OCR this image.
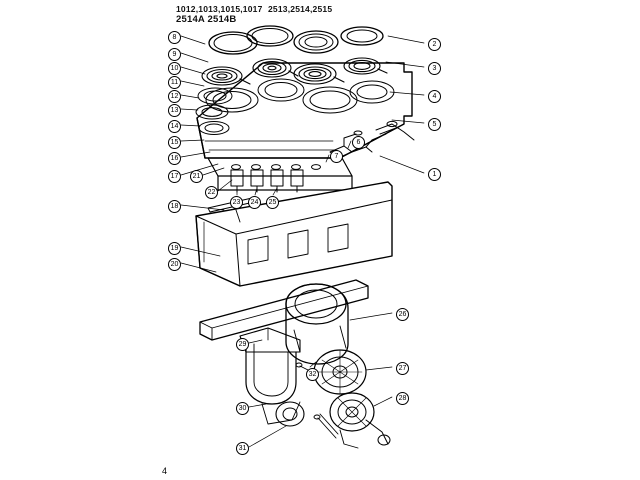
1012,1013,1015,1017
2514A 2514B
2513,2514,2515
8
9
10
11
12
13
14
15
16
17
18
19
20
21
22
23	24	25
2
3
4
5
1
6
7
26
27
28
29
30
31
32
4
